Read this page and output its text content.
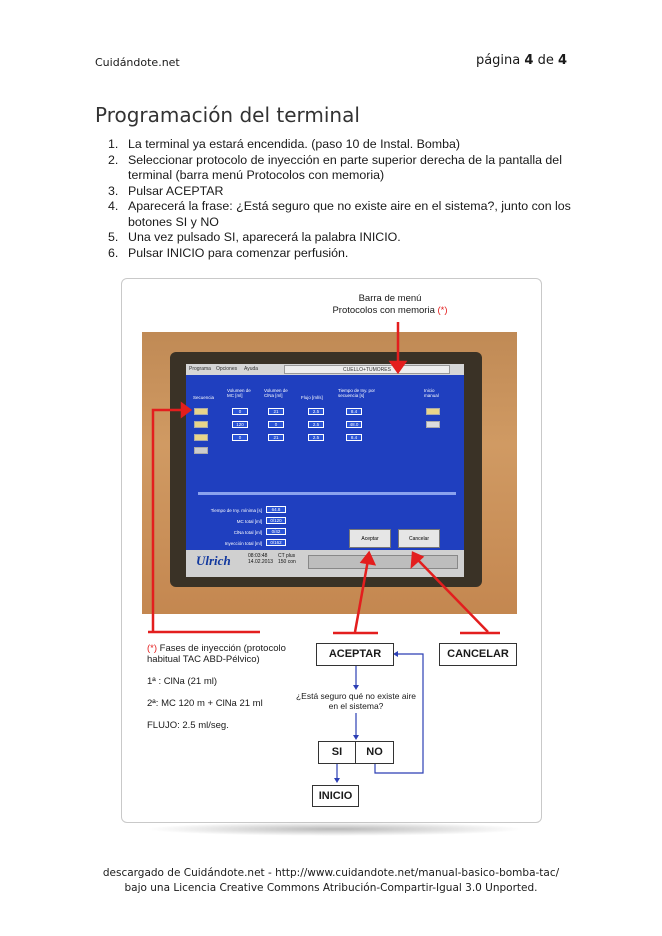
Cuidándote.net	página 4 de 4
Programación del terminal
1. La terminal ya estará encendida. (paso 10 de Instal. Bomba)
2. Seleccionar protocolo de inyección en parte superior derecha de la pantalla del terminal (barra menú Protocolos con memoria)
3. Pulsar ACEPTAR
4. Aparecerá la frase: ¿Está seguro que no existe aire en el sistema?, junto con los botones SI y NO
5. Una vez pulsado SI, aparecerá la palabra INICIO.
6. Pulsar INICIO para comenzar perfusión.
Barra de menú
Protocolos con memoria (*)
Programa Opciones Ayuda	CUELLO+TUMORES
Secuencia
Volumen de MC [ml]
Volumen de ClNa [ml]	Flujo [ml/s]
Tiempo de Iny. por secuencia [s]
Inicio manual
0	21	2.5	8.4
120	0	2.5	48.0
0	21	2.5	8.4
Tiempo de Iny. mínima [s]	64.8
MC total [ml]	0/120
ClNa total [ml]	0/42
Inyección total [ml]	0/162
Aceptar	Cancelar
Ulrich	08:03:48
14.02.2013
CT plus 150 con

(*) Fases de inyección (protocolo habitual TAC ABD-Pélvico)

1ª : ClNa (21 ml)

2ª: MC 120 m + ClNa 21 ml

FLUJO: 2.5 ml/seg.

ACEPTAR	CANCELAR
¿Está seguro qué no existe aire en el sistema?
SI	NO
INICIO
descargado de Cuidándote.net - http://www.cuidandote.net/manual-basico-bomba-tac/
bajo una Licencia Creative Commons Atribución-Compartir-Igual 3.0 Unported.
